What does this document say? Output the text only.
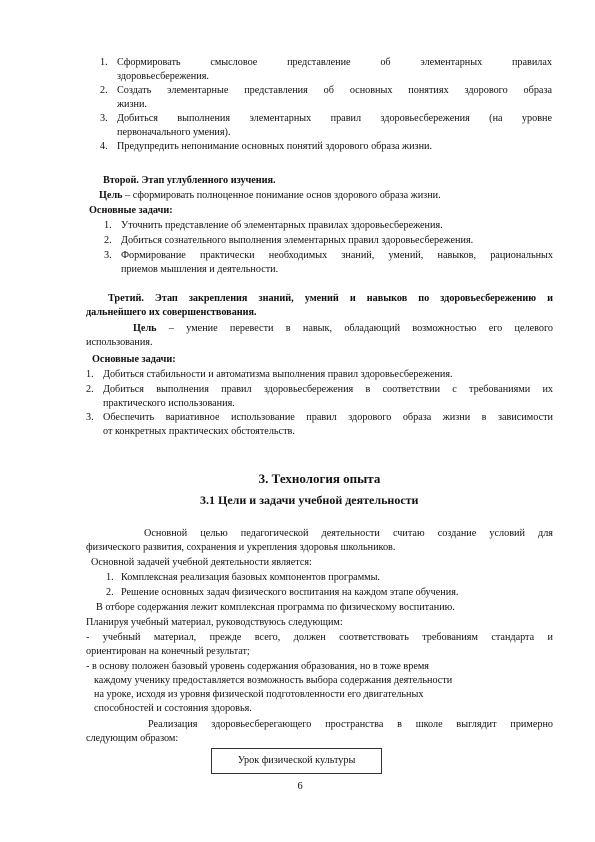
1. Сформировать смысловое представление об элементарных правилах
здоровьесбережения.
2. Создать элементарные представления об основных понятиях здорового образа
жизни.
3. Добиться выполнения элементарных правил здоровьесбережения (на уровне
первоначального умения).
4. Предупредить непонимание основных понятий здорового образа жизни.
Второй. Этап углубленного изучения.
Цель – сформировать полноценное понимание основ здорового образа жизни.
Основные задачи:
1. Уточнить представление об элементарных правилах здоровьесбережения.
2. Добиться сознательного выполнения элементарных правил здоровьесбережения.
3. Формирование практически необходимых знаний, умений, навыков, рациональных
приемов мышления и деятельности.
Третий. Этап закрепления знаний, умений и навыков по здоровьесбережению и
дальнейшего их совершенствования.
Цель – умение перевести в навык, обладающий возможностью его целевого
использования.
Основные задачи:
1. Добиться стабильности и автоматизма выполнения правил здоровьесбережения.
2. Добиться выполнения правил здоровьесбережения в соответствии с требованиями их
практического использования.
3. Обеспечить вариативное использование правил здорового образа жизни в зависимости
от конкретных практических обстоятельств.
3. Технология опыта
3.1 Цели и задачи учебной деятельности
Основной целью педагогической деятельности считаю создание условий для
физического развития, сохранения и укрепления здоровья школьников.
Основной задачей учебной деятельности является:
1. Комплексная реализация базовых компонентов программы.
2. Решение основных задач физического воспитания на каждом этапе обучения.
В отборе содержания лежит комплексная программа по физическому воспитанию.
Планируя учебный материал, руководствуюсь следующим:
- учебный материал, прежде всего, должен соответствовать требованиям стандарта и
ориентирован на конечный результат;
- в основу положен базовый уровень содержания образования, но в тоже время
каждому ученику предоставляется возможность выбора содержания деятельности
на уроке, исходя из уровня физической подготовленности его двигательных
способностей и состояния здоровья.
Реализация здоровьесберегающего пространства в школе выглядит примерно
следующим образом:
Урок физической культуры
6
